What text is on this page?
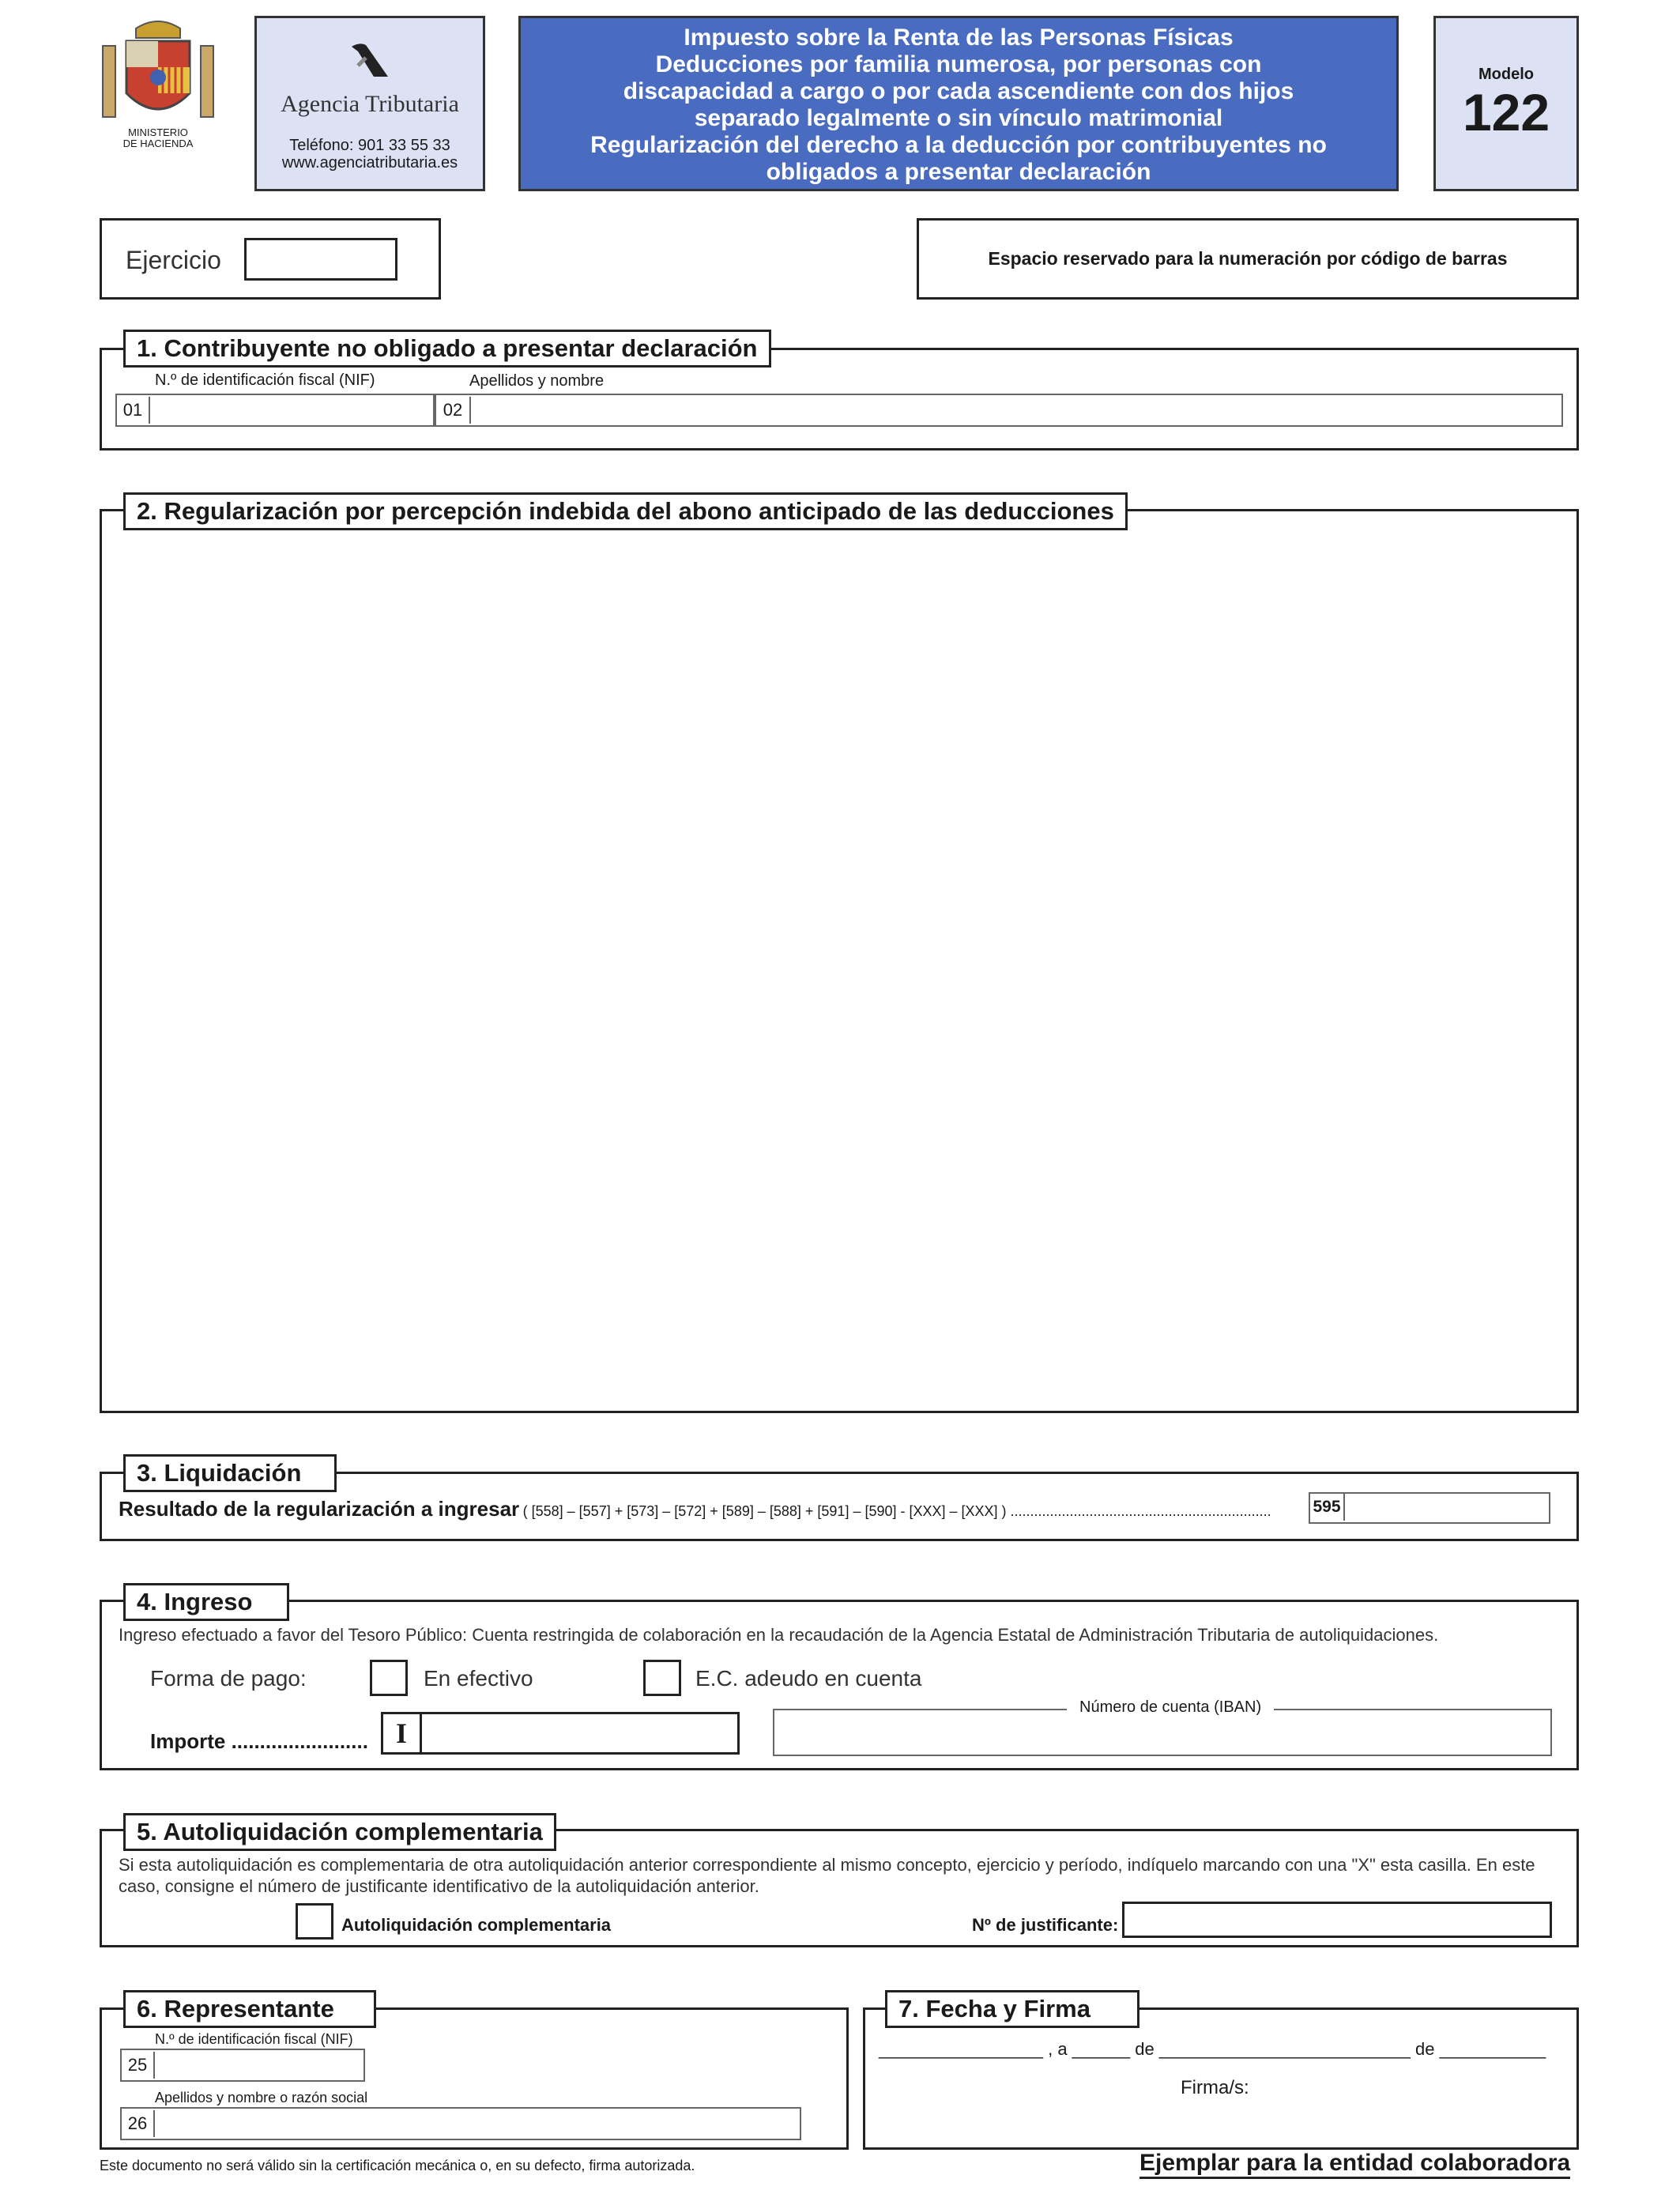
MINISTERIO
DE HACIENDA
Agencia Tributaria
Teléfono: 901 33 55 33
www.agenciatributaria.es
Impuesto sobre la Renta de las Personas Físicas
Deducciones por familia numerosa, por personas con
discapacidad a cargo o por cada ascendiente con dos hijos
separado legalmente o sin vínculo matrimonial
Regularización del derecho a la deducción por contribuyentes no
obligados a presentar declaración
Modelo
122
Ejercicio	Espacio reservado para la numeración por código de barras
1. Contribuyente no obligado a presentar declaración
N.º de identificación fiscal (NIF)	Apellidos y nombre
01	02
2. Regularización por percepción indebida del abono anticipado de las deducciones
3. Liquidación
Resultado de la regularización a ingresar ( [558] – [557] + [573] – [572] + [589] – [588] + [591] – [590] - [XXX] – [XXX] ) ..................................................................	595
4. Ingreso
Ingreso efectuado a favor del Tesoro Público: Cuenta restringida de colaboración en la recaudación de la Agencia Estatal de Administración Tributaria de autoliquidaciones.
Forma de pago:	En efectivo	E.C. adeudo en cuenta
Importe ........................ I
Número de cuenta (IBAN)
5. Autoliquidación complementaria
Si esta autoliquidación es complementaria de otra autoliquidación anterior correspondiente al mismo concepto, ejercicio y período, indíquelo marcando con una "X" esta casilla. En este caso, consigne el número de justificante identificativo de la autoliquidación anterior.
Autoliquidación complementaria	Nº de justificante:
6. Representante
N.º de identificación fiscal (NIF)
25
Apellidos y nombre o razón social
26
7. Fecha y Firma
_________________ , a ______ de __________________________ de ___________
Firma/s:
Este documento no será válido sin la certificación mecánica o, en su defecto, firma autorizada.	Ejemplar para la entidad colaboradora
